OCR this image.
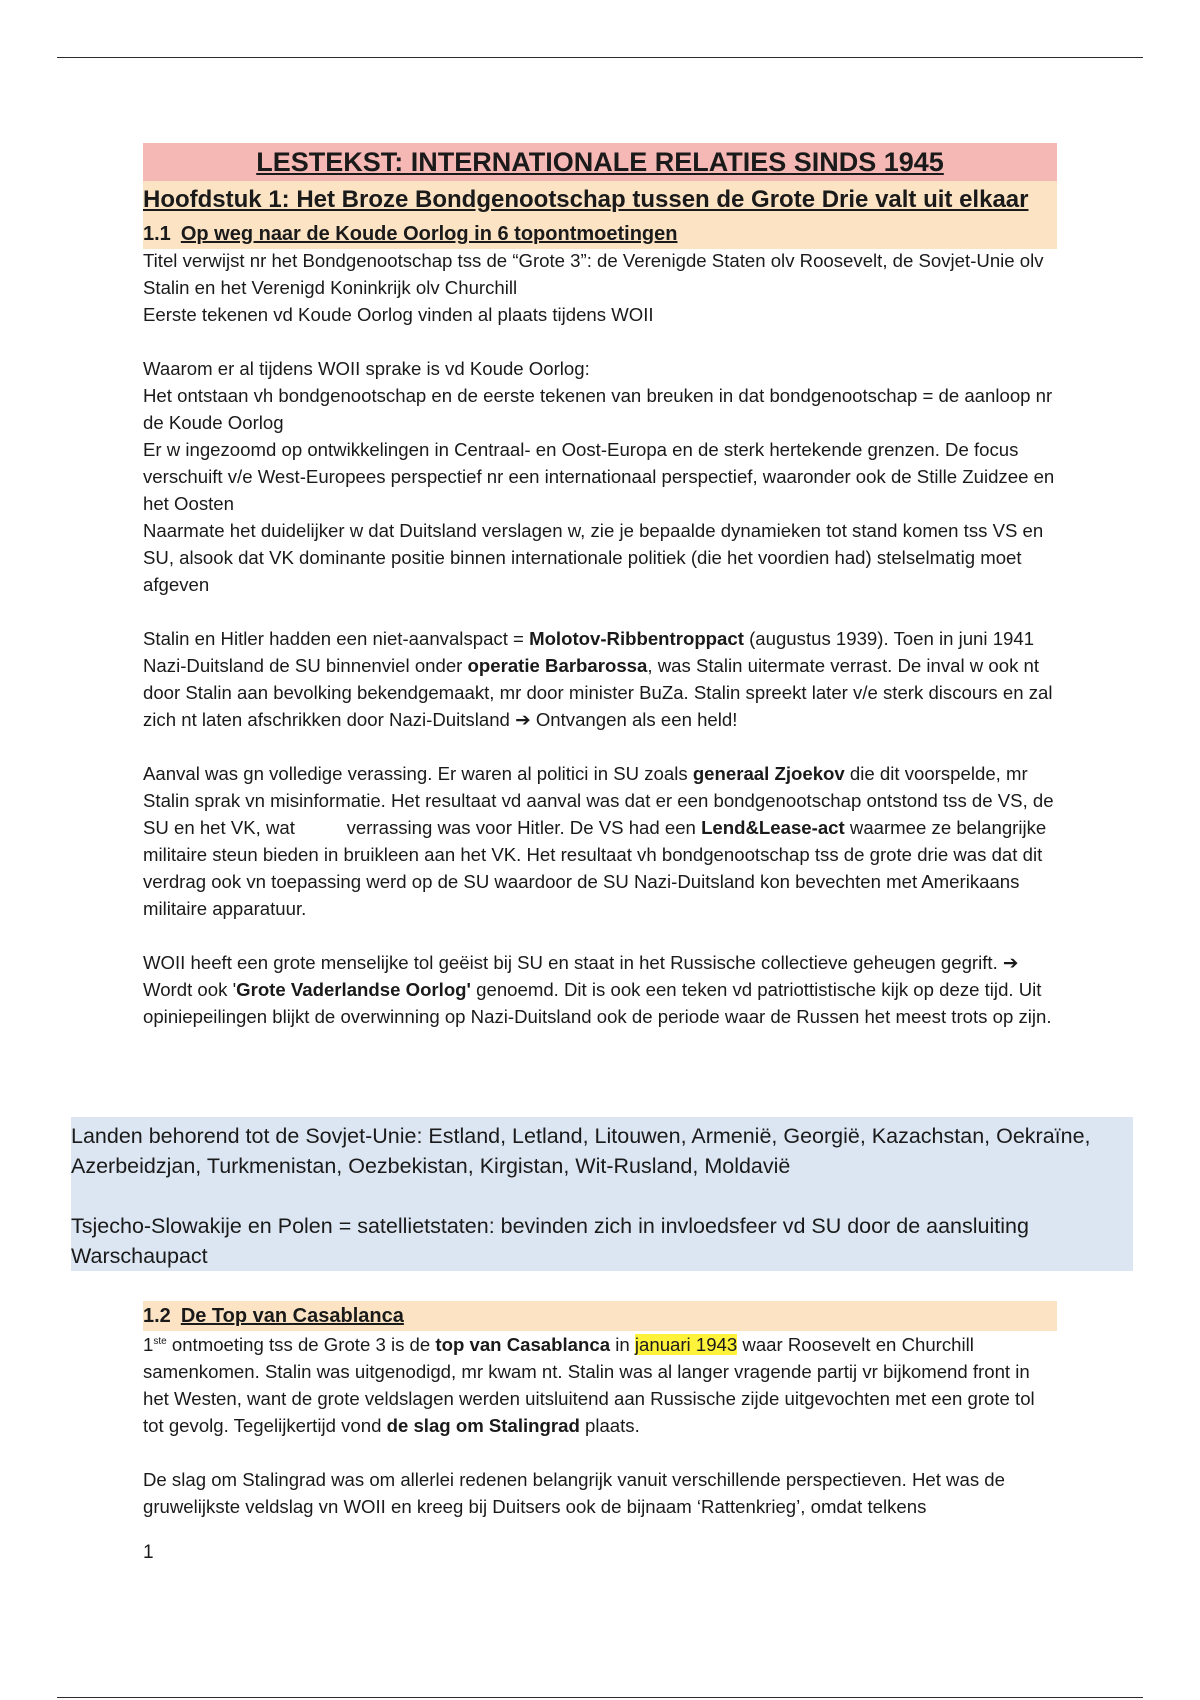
LESTEKST: INTERNATIONALE RELATIES SINDS 1945
Hoofdstuk 1: Het Broze Bondgenootschap tussen de Grote Drie valt uit elkaar
1.1 Op weg naar de Koude Oorlog in 6 topontmoetingen

Titel verwijst nr het Bondgenootschap tss de “Grote 3”: de Verenigde Staten olv Roosevelt, de Sovjet-Unie olv Stalin en het Verenigd Koninkrijk olv Churchill

Eerste tekenen vd Koude Oorlog vinden al plaats tijdens WOII

Waarom er al tijdens WOII sprake is vd Koude Oorlog:

Het ontstaan vh bondgenootschap en de eerste tekenen van breuken in dat bondgenootschap = de aanloop nr de Koude Oorlog

Er w ingezoomd op ontwikkelingen in Centraal- en Oost-Europa en de sterk hertekende grenzen. De focus verschuift v/e West-Europees perspectief nr een internationaal perspectief, waaronder ook de Stille Zuidzee en het Oosten

Naarmate het duidelijker w dat Duitsland verslagen w, zie je bepaalde dynamieken tot stand komen tss VS en SU, alsook dat VK dominante positie binnen internationale politiek (die het voordien had) stelselmatig moet afgeven

Stalin en Hitler hadden een niet-aanvalspact = Molotov-Ribbentroppact (augustus 1939). Toen in juni 1941 Nazi-Duitsland de SU binnenviel onder operatie Barbarossa, was Stalin uitermate verrast. De inval w ook nt door Stalin aan bevolking bekendgemaakt, mr door minister BuZa. Stalin spreekt later v/e sterk discours en zal zich nt laten afschrikken door Nazi-Duitsland ➔ Ontvangen als een held!

Aanval was gn volledige verassing. Er waren al politici in SU zoals generaal Zjoekov die dit voorspelde, mr Stalin sprak vn misinformatie. Het resultaat vd aanval was dat er een bondgenootschap ontstond tss de VS, de SU en het VK, wat          verrassing was voor Hitler. De VS had een Lend&Lease-act waarmee ze belangrijke militaire steun bieden in bruikleen aan het VK. Het resultaat vh bondgenootschap tss de grote drie was dat dit verdrag ook vn toepassing werd op de SU waardoor de SU Nazi-Duitsland kon bevechten met Amerikaans militaire apparatuur.

WOII heeft een grote menselijke tol geëist bij SU en staat in het Russische collectieve geheugen gegrift. ➔ Wordt ook 'Grote Vaderlandse Oorlog' genoemd. Dit is ook een teken vd patriottistische kijk op deze tijd. Uit opiniepeilingen blijkt de overwinning op Nazi-Duitsland ook de periode waar de Russen het meest trots op zijn.

Landen behorend tot de Sovjet-Unie: Estland, Letland, Litouwen, Armenië, Georgië, Kazachstan, Oekraïne, Azerbeidzjan, Turkmenistan, Oezbekistan, Kirgistan, Wit-Rusland, Moldavië

Tsjecho-Slowakije en Polen = satellietstaten: bevinden zich in invloedsfeer vd SU door de aansluiting Warschaupact

1.2 De Top van Casablanca

1ste ontmoeting tss de Grote 3 is de top van Casablanca in januari 1943 waar Roosevelt en Churchill samenkomen. Stalin was uitgenodigd, mr kwam nt. Stalin was al langer vragende partij vr bijkomend front in het Westen, want de grote veldslagen werden uitsluitend aan Russische zijde uitgevochten met een grote tol tot gevolg. Tegelijkertijd vond de slag om Stalingrad plaats.

De slag om Stalingrad was om allerlei redenen belangrijk vanuit verschillende perspectieven. Het was de gruwelijkste veldslag vn WOII en kreeg bij Duitsers ook de bijnaam ‘Rattenkrieg’, omdat telkens

1
